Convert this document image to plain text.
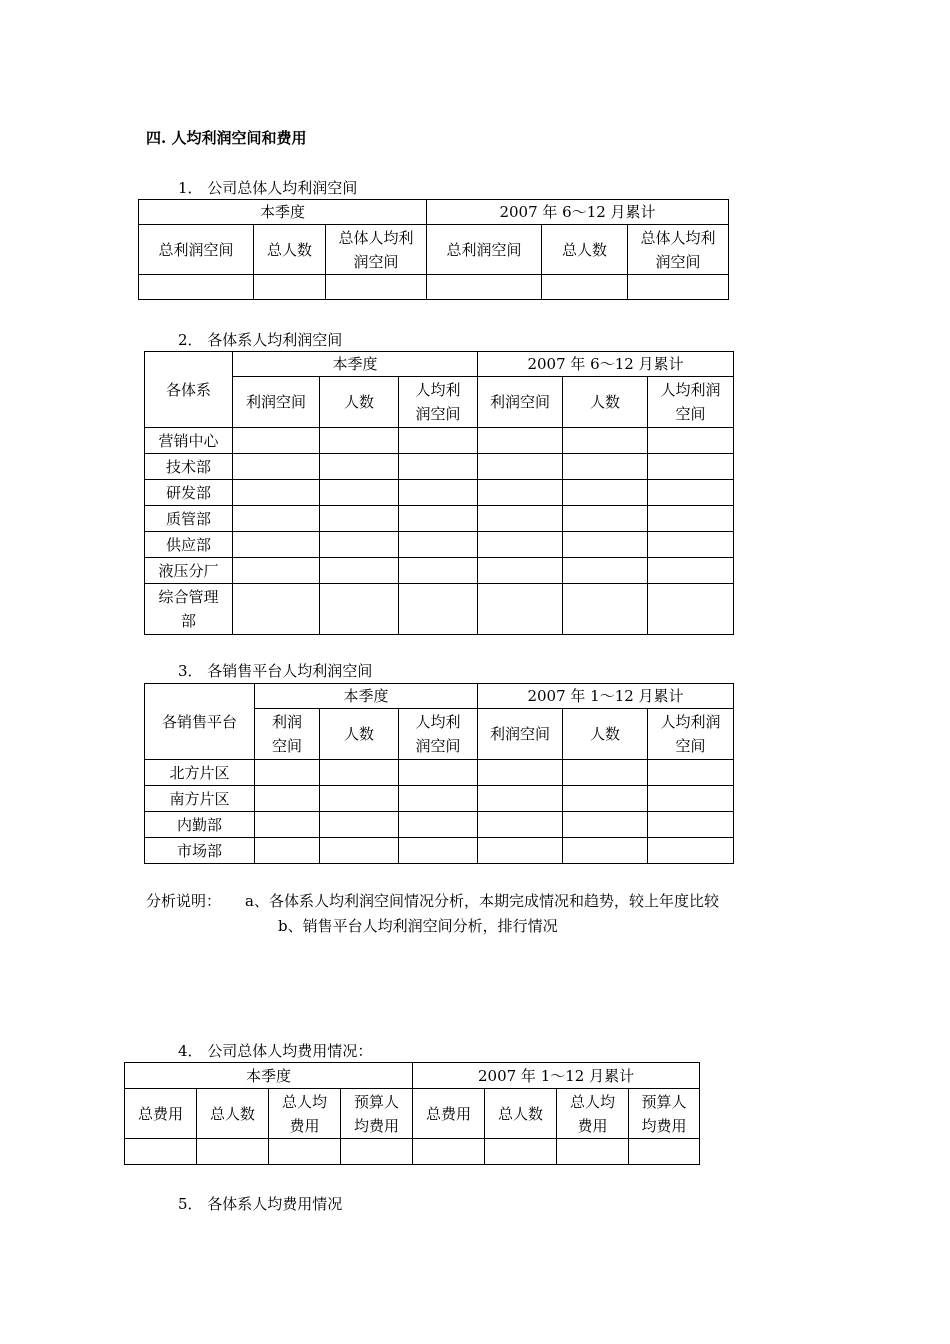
四. 人均利润空间和费用
1． 公司总体人均利润空间
本季度			2007 年 6～12 月累计		
总利润空间	总人数	总体人均利润空间	总利润空间	总人数	总体人均利润空间

2． 各体系人均利润空间
各体系	本季度			2007 年 6～12 月累计		
	利润空间	人数	人均利润空间	利润空间	人数	人均利润空间
营销中心						
技术部						
研发部						
质管部						
供应部						
液压分厂						
综合管理部						
3． 各销售平台人均利润空间
各销售平台	本季度			2007 年 1～12 月累计		
	利润空间	人数	人均利润空间	利润空间	人数	人均利润空间
北方片区						
南方片区						
内勤部						
市场部						
分析说明： a、各体系人均利润空间情况分析，本期完成情况和趋势，较上年度比较
b、销售平台人均利润空间分析，排行情况
4． 公司总体人均费用情况：
本季度				2007 年 1～12 月累计			
总费用	总人数	总人均费用	预算人均费用	总费用	总人数	总人均费用	预算人均费用

5． 各体系人均费用情况
